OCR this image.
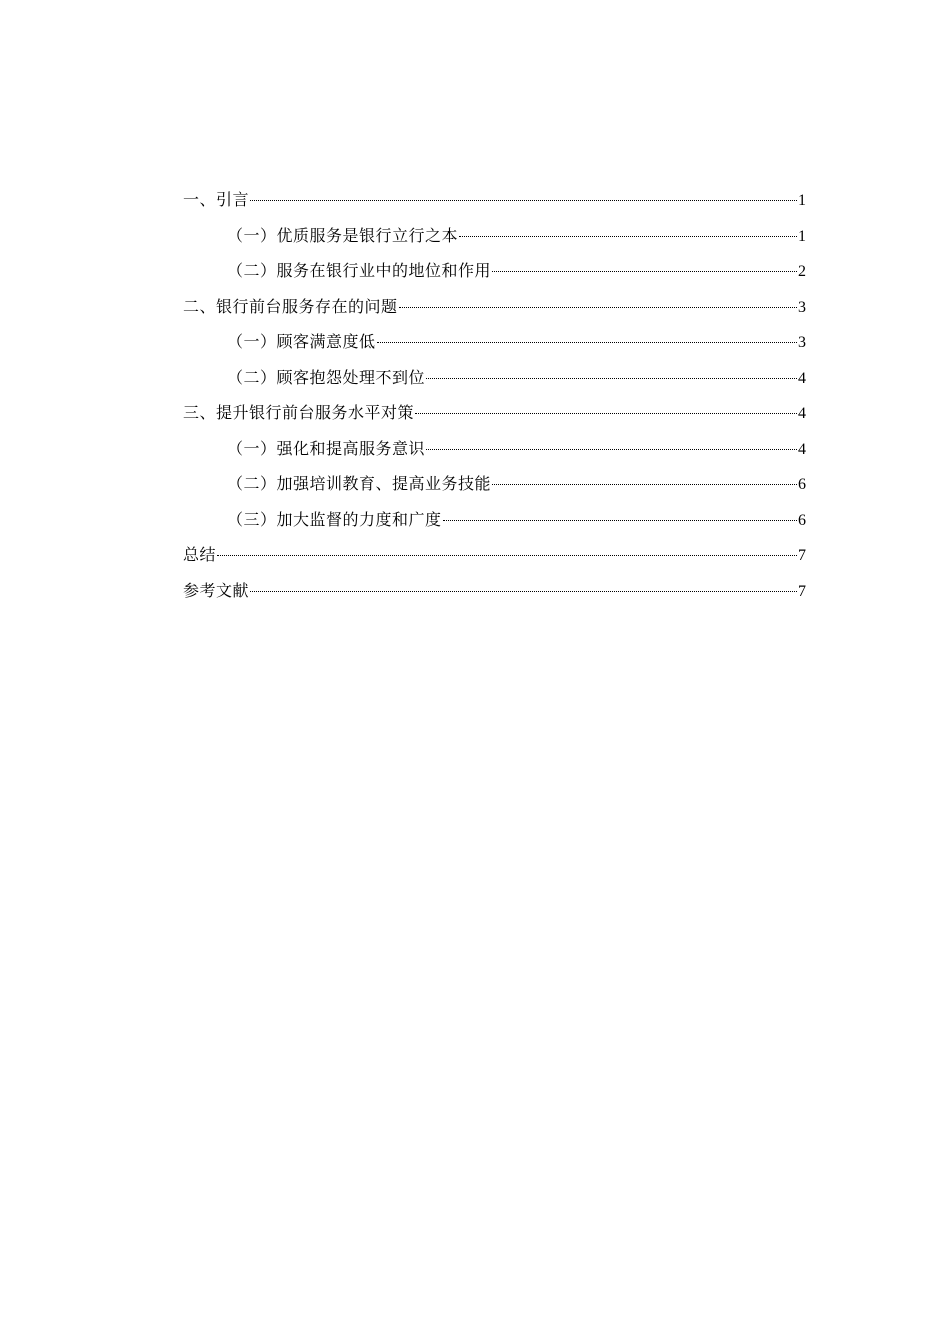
一、引言	1
（一）优质服务是银行立行之本	1
（二）服务在银行业中的地位和作用	2
二、银行前台服务存在的问题	3
（一）顾客满意度低	3
（二）顾客抱怨处理不到位	4
三、提升银行前台服务水平对策	4
（一）强化和提高服务意识	4
（二）加强培训教育、提高业务技能	6
（三）加大监督的力度和广度	6
总结	7
参考文献	7
